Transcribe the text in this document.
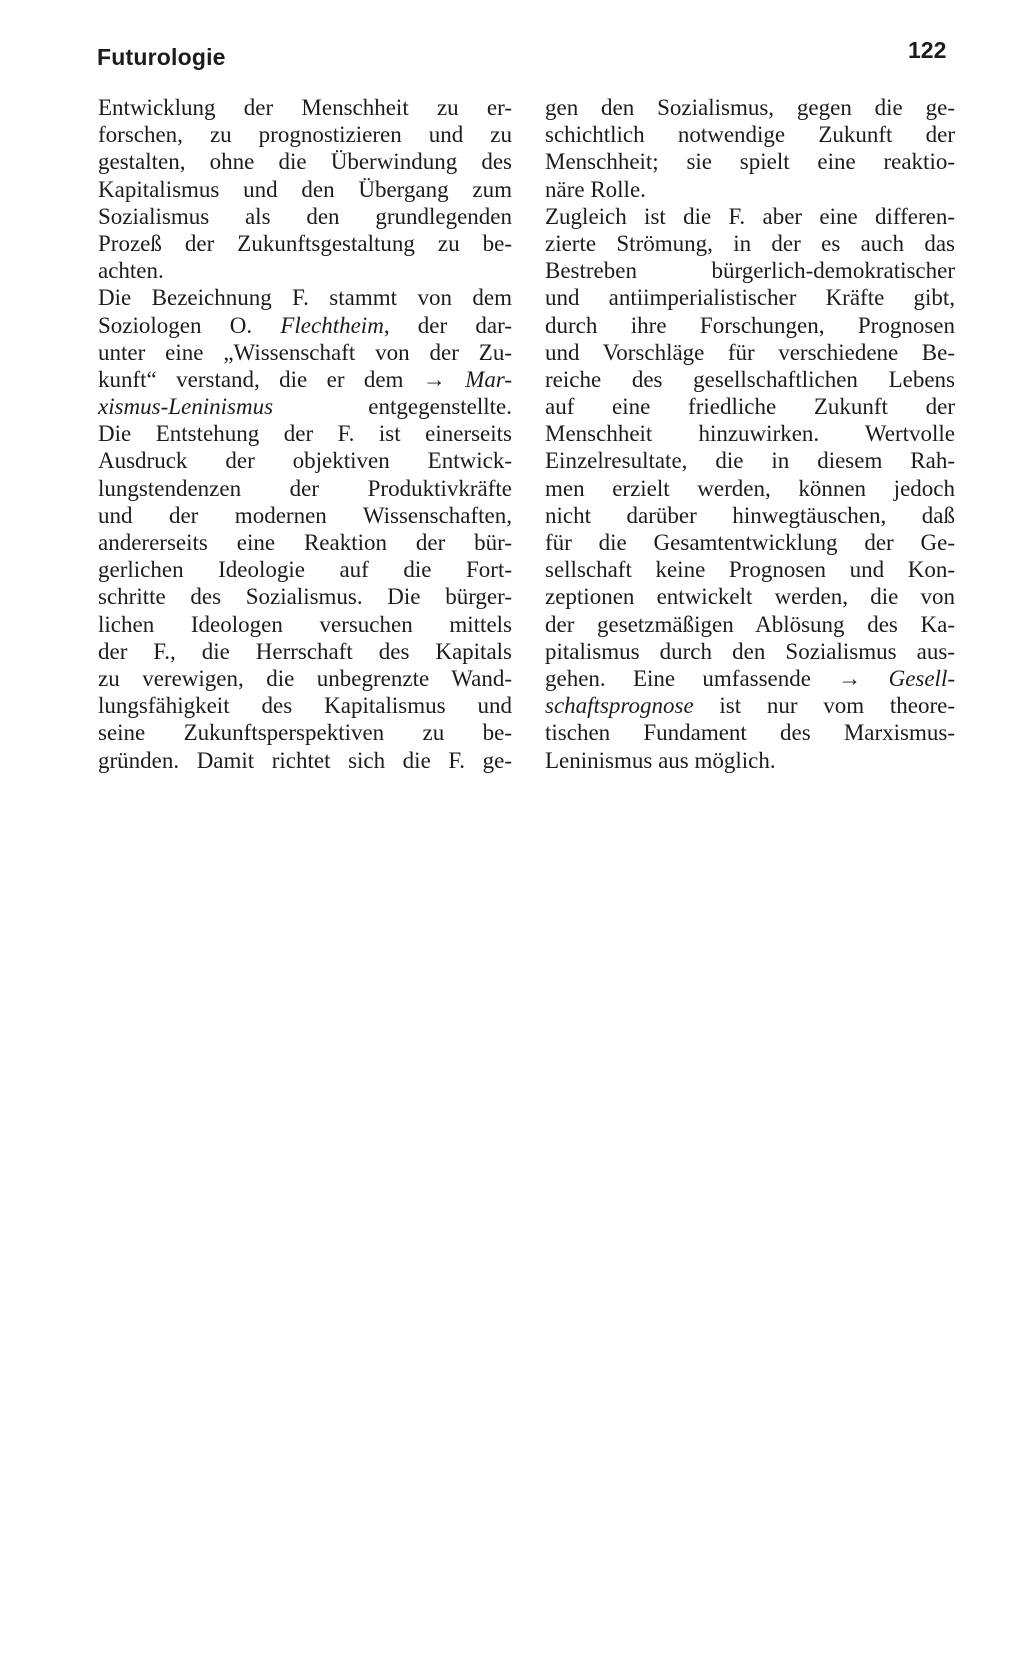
Futurologie	122
Entwicklung der Menschheit zu er-
forschen, zu prognostizieren und zu
gestalten, ohne die Überwindung des
Kapitalismus und den Übergang zum
Sozialismus als den grundlegenden
Prozeß der Zukunftsgestaltung zu be-
achten.
Die Bezeichnung F. stammt von dem
Soziologen O. Flechtheim, der dar-
unter eine „Wissenschaft von der Zu-
kunft“ verstand, die er dem → Mar-
xismus-Leninismus entgegenstellte.
Die Entstehung der F. ist einerseits
Ausdruck der objektiven Entwick-
lungstendenzen der Produktivkräfte
und der modernen Wissenschaften,
andererseits eine Reaktion der bür-
gerlichen Ideologie auf die Fort-
schritte des Sozialismus. Die bürger-
lichen Ideologen versuchen mittels
der F., die Herrschaft des Kapitals
zu verewigen, die unbegrenzte Wand-
lungsfähigkeit des Kapitalismus und
seine Zukunftsperspektiven zu be-
gründen. Damit richtet sich die F. ge-
gen den Sozialismus, gegen die ge-
schichtlich notwendige Zukunft der
Menschheit; sie spielt eine reaktio-
näre Rolle.
Zugleich ist die F. aber eine differen-
zierte Strömung, in der es auch das
Bestreben bürgerlich-demokratischer
und antiimperialistischer Kräfte gibt,
durch ihre Forschungen, Prognosen
und Vorschläge für verschiedene Be-
reiche des gesellschaftlichen Lebens
auf eine friedliche Zukunft der
Menschheit hinzuwirken. Wertvolle
Einzelresultate, die in diesem Rah-
men erzielt werden, können jedoch
nicht darüber hinwegtäuschen, daß
für die Gesamtentwicklung der Ge-
sellschaft keine Prognosen und Kon-
zeptionen entwickelt werden, die von
der gesetzmäßigen Ablösung des Ka-
pitalismus durch den Sozialismus aus-
gehen. Eine umfassende → Gesell-
schaftsprognose ist nur vom theore-
tischen Fundament des Marxismus-
Leninismus aus möglich.
